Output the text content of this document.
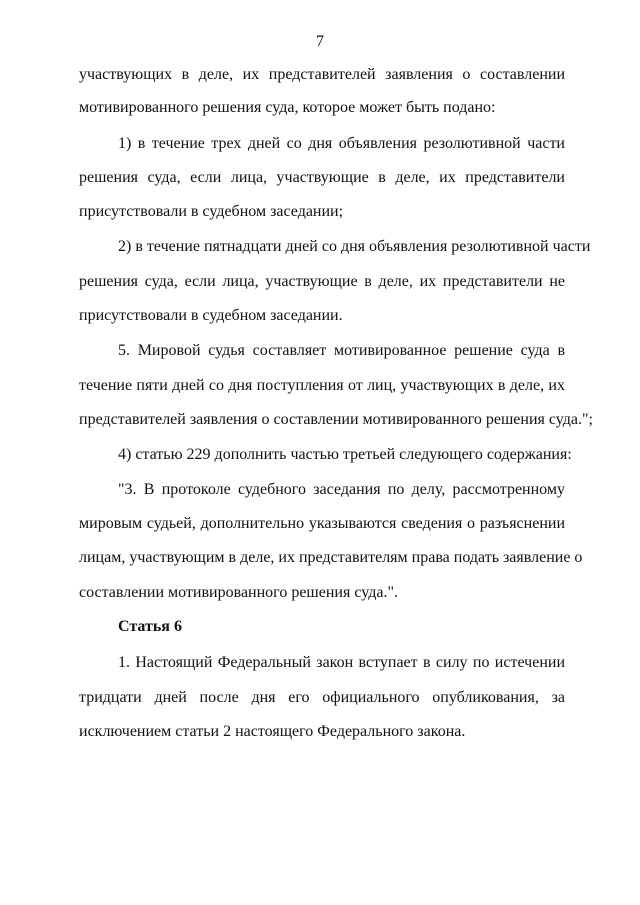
7
участвующих в деле, их представителей заявления о составлении
мотивированного решения суда, которое может быть подано:
1) в течение трех дней со дня объявления резолютивной части
решения суда, если лица, участвующие в деле, их представители
присутствовали в судебном заседании;
2) в течение пятнадцати дней со дня объявления резолютивной части
решения суда, если лица, участвующие в деле, их представители не
присутствовали в судебном заседании.
5. Мировой судья составляет мотивированное решение суда в
течение пяти дней со дня поступления от лиц, участвующих в деле, их
представителей заявления о составлении мотивированного решения суда.";
4) статью 229 дополнить частью третьей следующего содержания:
"3. В протоколе судебного заседания по делу, рассмотренному
мировым судьей, дополнительно указываются сведения о разъяснении
лицам, участвующим в деле, их представителям права подать заявление о
составлении мотивированного решения суда.".
Статья 6
1. Настоящий Федеральный закон вступает в силу по истечении
тридцати дней после дня его официального опубликования, за
исключением статьи 2 настоящего Федерального закона.
